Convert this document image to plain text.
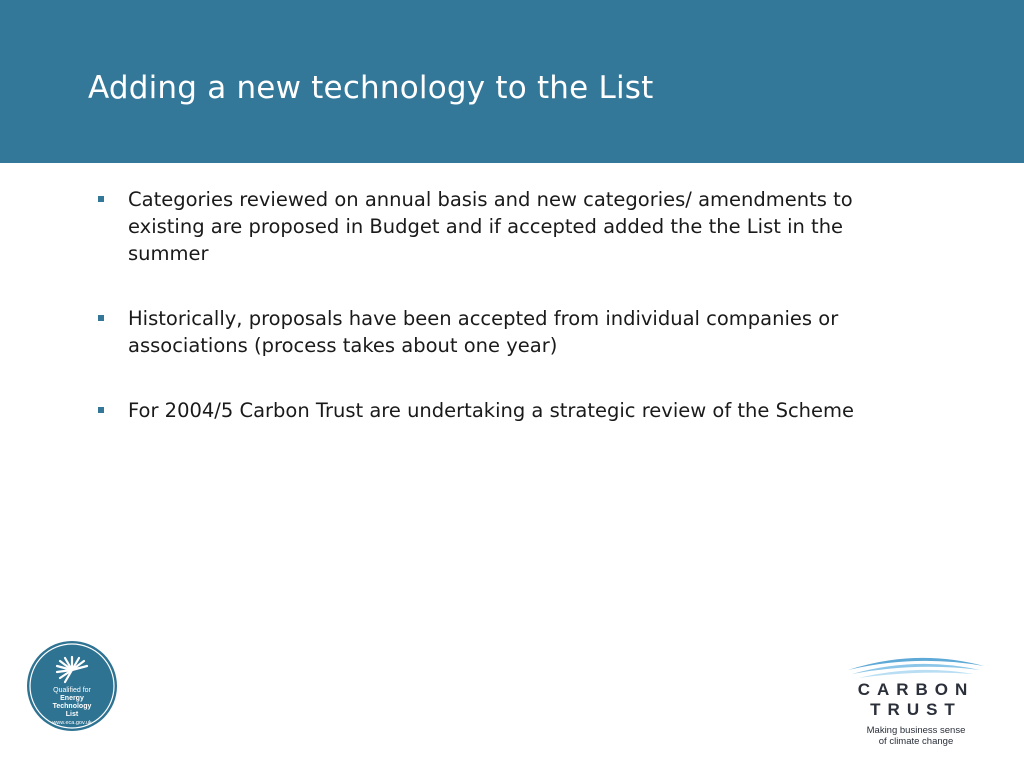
Adding a new technology to the List
Categories reviewed on annual basis and new categories/ amendments to existing are proposed in Budget and if accepted added the the List in the summer
Historically, proposals have been accepted from individual companies or associations (process takes about one year)
For 2004/5 Carbon Trust are undertaking a strategic review of the Scheme
Qualified for
Energy
Technology
List
www.eca.gov.uk
CARBON
TRUST
Making business sense
of climate change
